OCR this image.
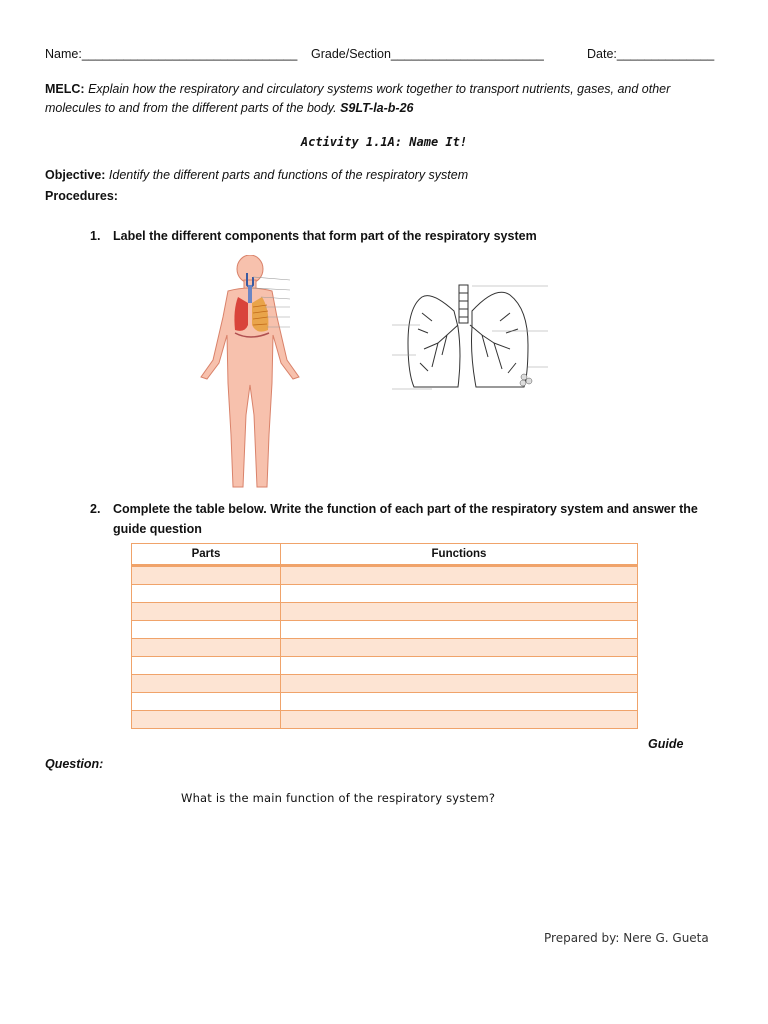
Name:_______________________________ Grade/Section______________________	Date:______________
MELC: Explain how the respiratory and circulatory systems work together to transport nutrients, gases, and other molecules to and from the different parts of the body. S9LT-la-b-26
Activity 1.1A: Name It!
Objective: Identify the different parts and functions of the respiratory system
Procedures:
1. Label the different components that form part of the respiratory system
2. Complete the table below. Write the function of each part of the respiratory system and answer the guide question
Parts	Functions

Guide
Question:
What is the main function of the respiratory system?
Prepared by: Nere G. Gueta
